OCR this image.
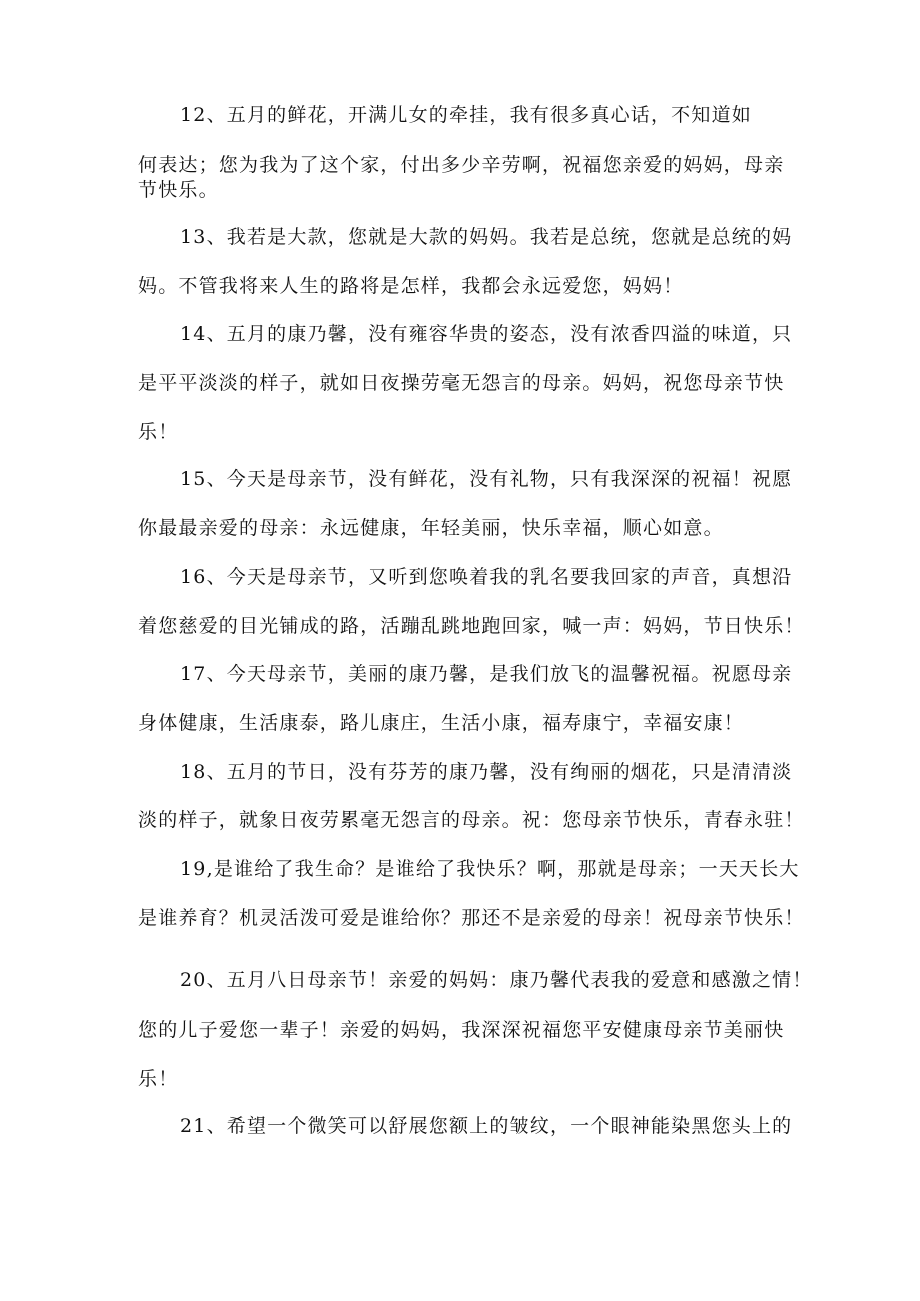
12、五月的鲜花，开满儿女的牵挂，我有很多真心话，不知道如
何表达；您为我为了这个家，付出多少辛劳啊，祝福您亲爱的妈妈，母亲
节快乐。
13、我若是大款，您就是大款的妈妈。我若是总统，您就是总统的妈
妈。不管我将来人生的路将是怎样，我都会永远爱您，妈妈！
14、五月的康乃馨，没有雍容华贵的姿态，没有浓香四溢的味道，只
是平平淡淡的样子，就如日夜操劳毫无怨言的母亲。妈妈，祝您母亲节快
乐！
15、今天是母亲节，没有鲜花，没有礼物，只有我深深的祝福！祝愿
你最最亲爱的母亲：永远健康，年轻美丽，快乐幸福，顺心如意。
16、今天是母亲节，又听到您唤着我的乳名要我回家的声音，真想沿
着您慈爱的目光铺成的路，活蹦乱跳地跑回家，喊一声：妈妈，节日快乐！
17、今天母亲节，美丽的康乃馨，是我们放飞的温馨祝福。祝愿母亲
身体健康，生活康泰，路儿康庄，生活小康，福寿康宁，幸福安康！
18、五月的节日，没有芬芳的康乃馨，没有绚丽的烟花，只是清清淡
淡的样子，就象日夜劳累毫无怨言的母亲。祝：您母亲节快乐，青春永驻！
19,是谁给了我生命？是谁给了我快乐？啊，那就是母亲；一天天长大
是谁养育？机灵活泼可爱是谁给你？那还不是亲爱的母亲！祝母亲节快乐！
20、五月八日母亲节！亲爱的妈妈：康乃馨代表我的爱意和感激之情！
您的儿子爱您一辈子！亲爱的妈妈，我深深祝福您平安健康母亲节美丽快
乐！
21、希望一个微笑可以舒展您额上的皱纹，一个眼神能染黑您头上的
